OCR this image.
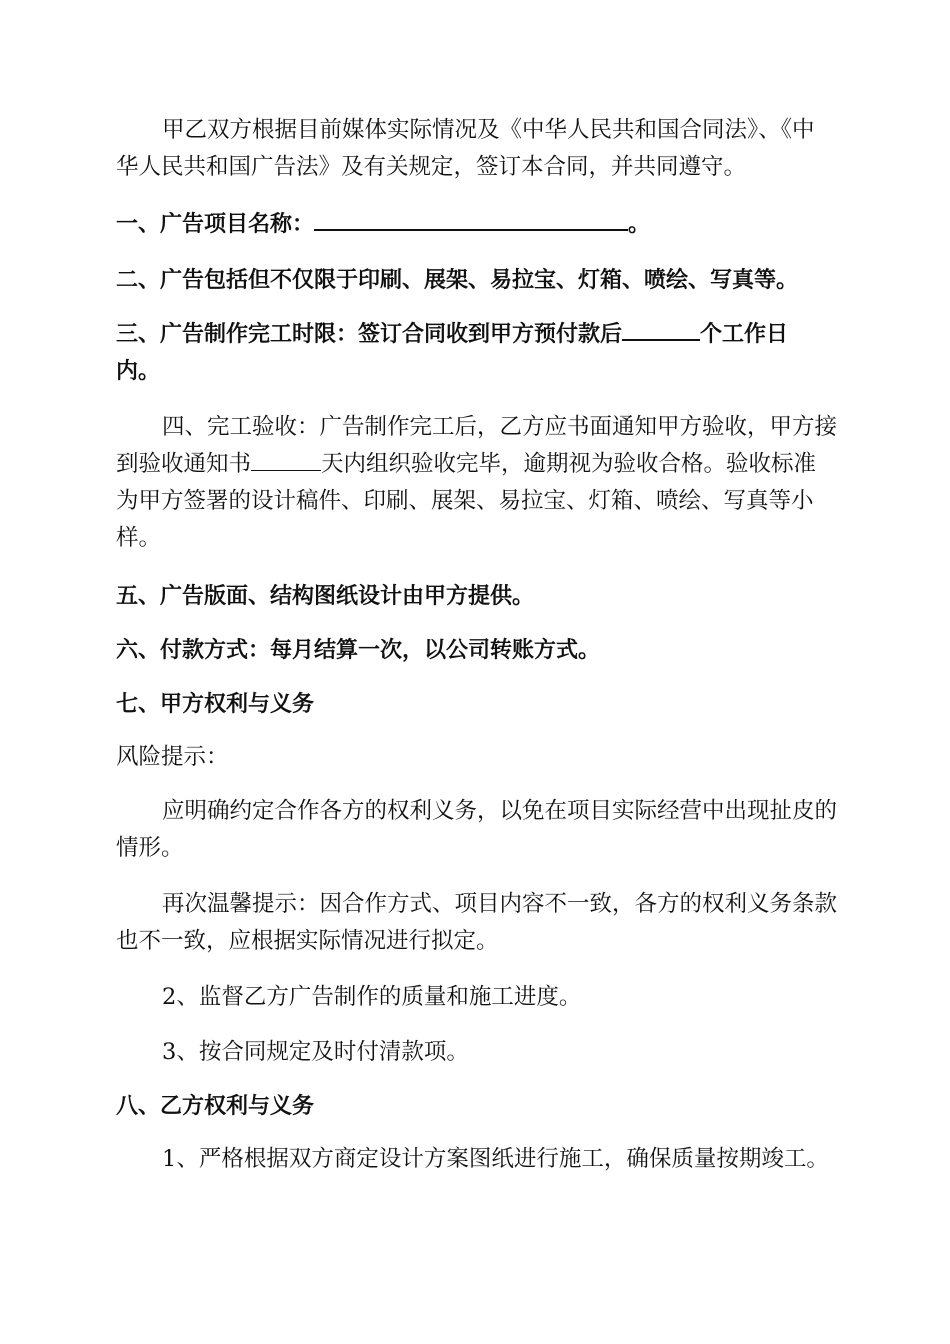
甲乙双方根据目前媒体实际情况及《中华人民共和国合同法》、《中
华人民共和国广告法》及有关规定，签订本合同，并共同遵守。

一、广告项目名称：	。

二、广告包括但不仅限于印刷、展架、易拉宝、灯箱、喷绘、写真等。

三、广告制作完工时限：签订合同收到甲方预付款后	个工作日
内。

四、完工验收：广告制作完工后，乙方应书面通知甲方验收，甲方接
到验收通知书	天内组织验收完毕，逾期视为验收合格。验收标准
为甲方签署的设计稿件、印刷、展架、易拉宝、灯箱、喷绘、写真等小
样。

五、广告版面、结构图纸设计由甲方提供。

六、付款方式：每月结算一次，以公司转账方式。

七、甲方权利与义务

风险提示：

应明确约定合作各方的权利义务，以免在项目实际经营中出现扯皮的
情形。

再次温馨提示：因合作方式、项目内容不一致，各方的权利义务条款
也不一致，应根据实际情况进行拟定。

2、监督乙方广告制作的质量和施工进度。

3、按合同规定及时付清款项。

八、乙方权利与义务

1、严格根据双方商定设计方案图纸进行施工，确保质量按期竣工。
